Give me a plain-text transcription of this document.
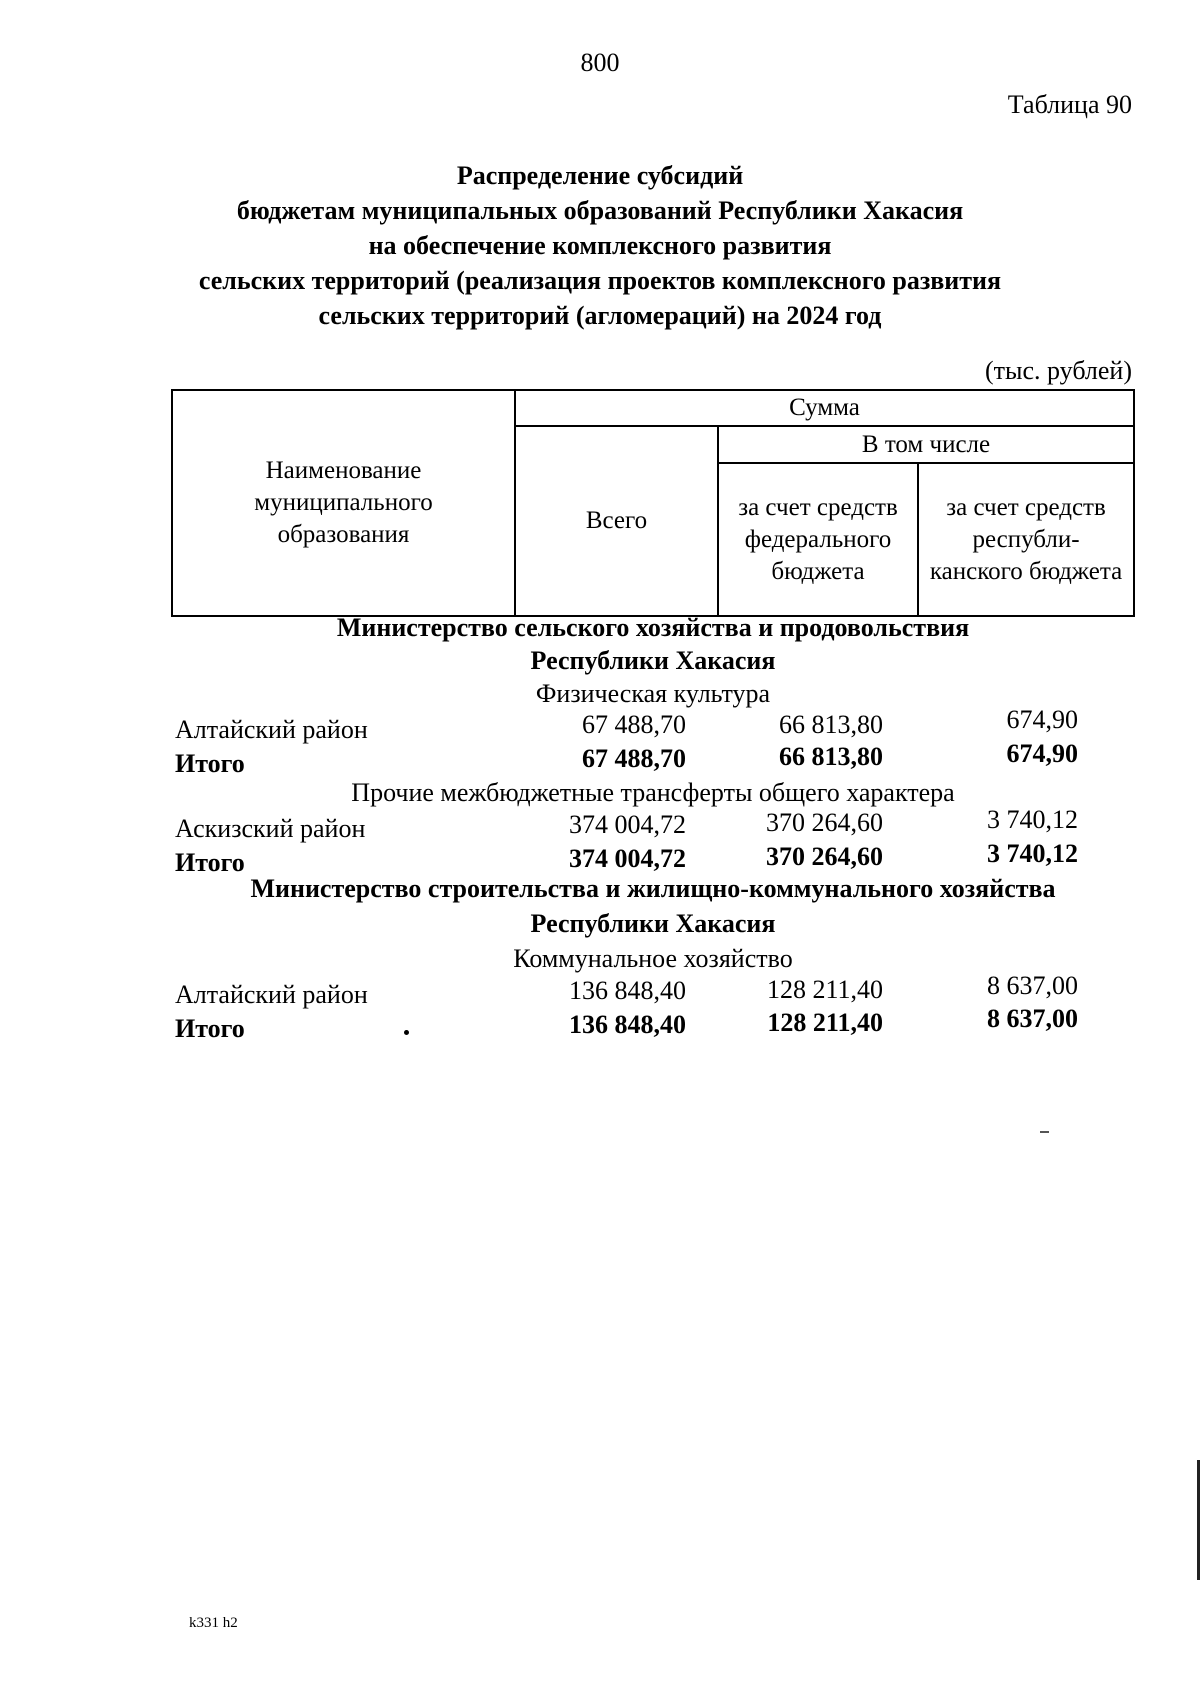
800
Таблица 90
Распределение субсидий
бюджетам муниципальных образований Республики Хакасия
на обеспечение комплексного развития
сельских территорий (реализация проектов комплексного развития
сельских территорий (агломераций) на 2024 год
(тыс. рублей)
Наименование муниципального образования	Сумма		
	Всего	В том числе	
		за счет средств федерального бюджета	за счет средств республи- канского бюджета
Министерство сельского хозяйства и продовольствия
Республики Хакасия
Физическая культура
Алтайский район	67 488,70	66 813,80	674,90
Итого	67 488,70	66 813,80	674,90
Прочие межбюджетные трансферты общего характера
Аскизский район	374 004,72	370 264,60	3 740,12
Итого	374 004,72	370 264,60	3 740,12
Министерство строительства и жилищно-коммунального хозяйства
Республики Хакасия
Коммунальное хозяйство
Алтайский район	136 848,40	128 211,40	8 637,00
Итого	136 848,40	128 211,40	8 637,00
k331 h2
